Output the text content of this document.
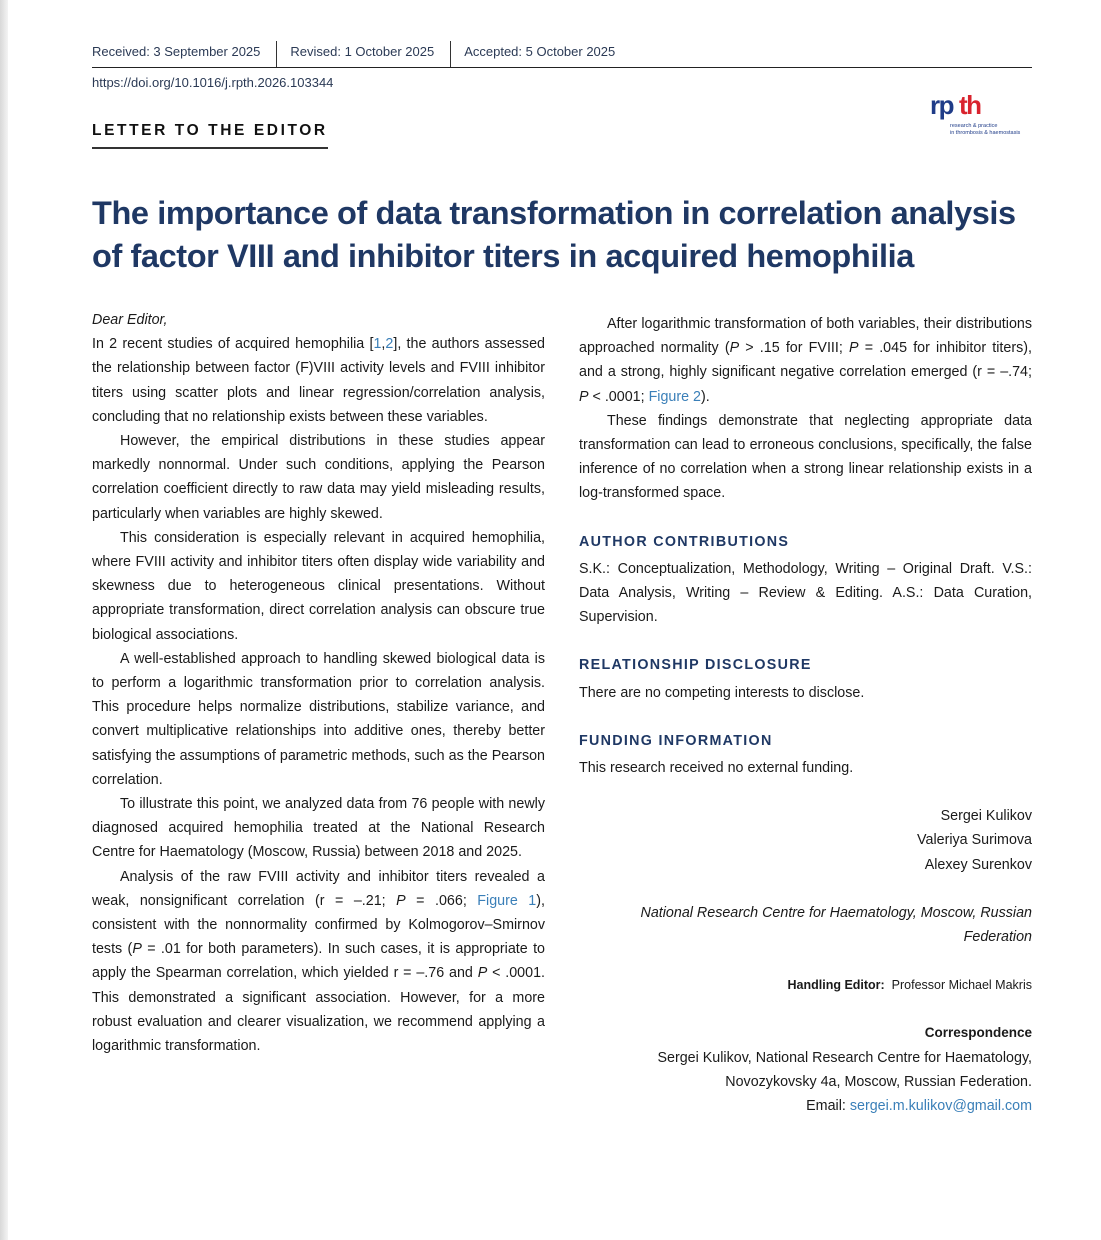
Received: 3 September 2025	Revised: 1 October 2025	Accepted: 5 October 2025
https://doi.org/10.1016/j.rpth.2026.103344
LETTER TO THE EDITOR
rp th
research & practice
in thrombosis & haemostasis
The importance of data transformation in correlation analysis of factor VIII and inhibitor titers in acquired hemophilia

Dear Editor,

In 2 recent studies of acquired hemophilia [1,2], the authors assessed the relationship between factor (F)VIII activity levels and FVIII inhibitor titers using scatter plots and linear regression/correlation analysis, concluding that no relationship exists between these variables.

However, the empirical distributions in these studies appear markedly nonnormal. Under such conditions, applying the Pearson correlation coefficient directly to raw data may yield misleading results, particularly when variables are highly skewed.

This consideration is especially relevant in acquired hemophilia, where FVIII activity and inhibitor titers often display wide variability and skewness due to heterogeneous clinical presentations. Without appropriate transformation, direct correlation analysis can obscure true biological associations.

A well-established approach to handling skewed biological data is to perform a logarithmic transformation prior to correlation analysis. This procedure helps normalize distributions, stabilize variance, and convert multiplicative relationships into additive ones, thereby better satisfying the assumptions of parametric methods, such as the Pearson correlation.

To illustrate this point, we analyzed data from 76 people with newly diagnosed acquired hemophilia treated at the National Research Centre for Haematology (Moscow, Russia) between 2018 and 2025.

Analysis of the raw FVIII activity and inhibitor titers revealed a weak, nonsignificant correlation (r = –.21; P = .066; Figure 1), consistent with the nonnormality confirmed by Kolmogorov–Smirnov tests (P = .01 for both parameters). In such cases, it is appropriate to apply the Spearman correlation, which yielded r = –.76 and P < .0001. This demonstrated a significant association. However, for a more robust evaluation and clearer visualization, we recommend applying a logarithmic transformation.

After logarithmic transformation of both variables, their distributions approached normality (P > .15 for FVIII; P = .045 for inhibitor titers), and a strong, highly significant negative correlation emerged (r = –.74; P < .0001; Figure 2).

These findings demonstrate that neglecting appropriate data transformation can lead to erroneous conclusions, specifically, the false inference of no correlation when a strong linear relationship exists in a log-transformed space.

AUTHOR CONTRIBUTIONS

S.K.: Conceptualization, Methodology, Writing – Original Draft. V.S.: Data Analysis, Writing – Review & Editing. A.S.: Data Curation, Supervision.

RELATIONSHIP DISCLOSURE

There are no competing interests to disclose.

FUNDING INFORMATION

This research received no external funding.

Sergei Kulikov
Valeriya Surimova
Alexey Surenkov
National Research Centre for Haematology, Moscow, Russian Federation
Handling Editor: Professor Michael Makris
Correspondence
Sergei Kulikov, National Research Centre for Haematology,
Novozykovsky 4a, Moscow, Russian Federation.
Email: sergei.m.kulikov@gmail.com
